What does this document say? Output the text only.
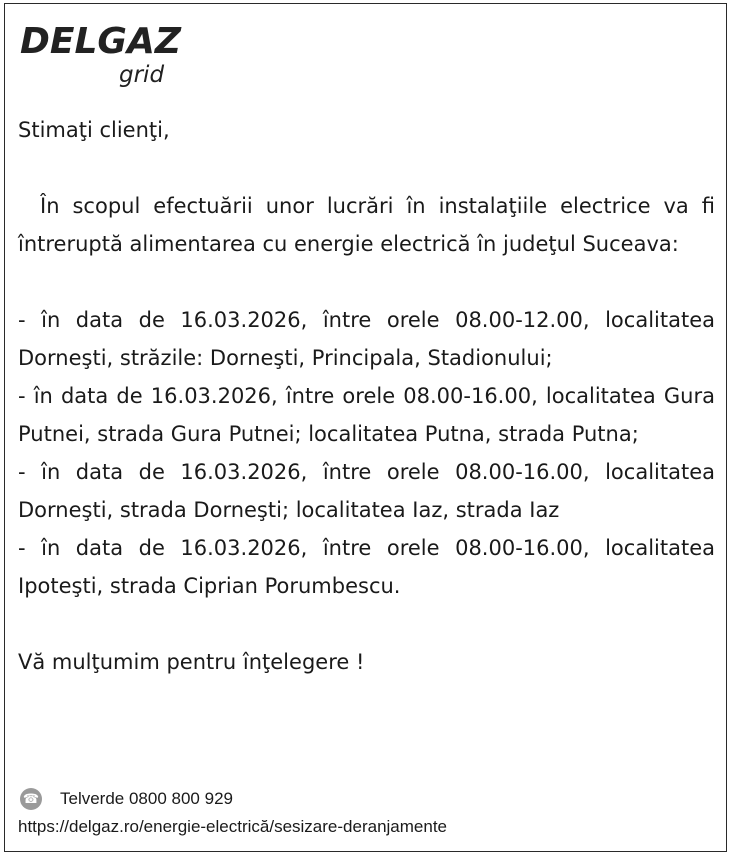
DELGAZ
grid

Stimaţi clienţi,

În scopul efectuării unor lucrări în instalaţiile electrice va fi întreruptă alimentarea cu energie electrică în judeţul Suceava:

- în data de 16.03.2026, între orele 08.00-12.00, localitatea Dorneşti, străzile: Dorneşti, Principala, Stadionului;

- în data de 16.03.2026, între orele 08.00-16.00, localitatea Gura Putnei, strada Gura Putnei; localitatea Putna, strada Putna;

- în data de 16.03.2026, între orele 08.00-16.00, localitatea Dorneşti, strada Dorneşti; localitatea Iaz, strada Iaz

- în data de 16.03.2026, între orele 08.00-16.00, localitatea Ipoteşti, strada Ciprian Porumbescu.

Vă mulţumim pentru înţelegere !

☎ Telverde 0800 800 929
https://delgaz.ro/energie-electrică/sesizare-deranjamente
